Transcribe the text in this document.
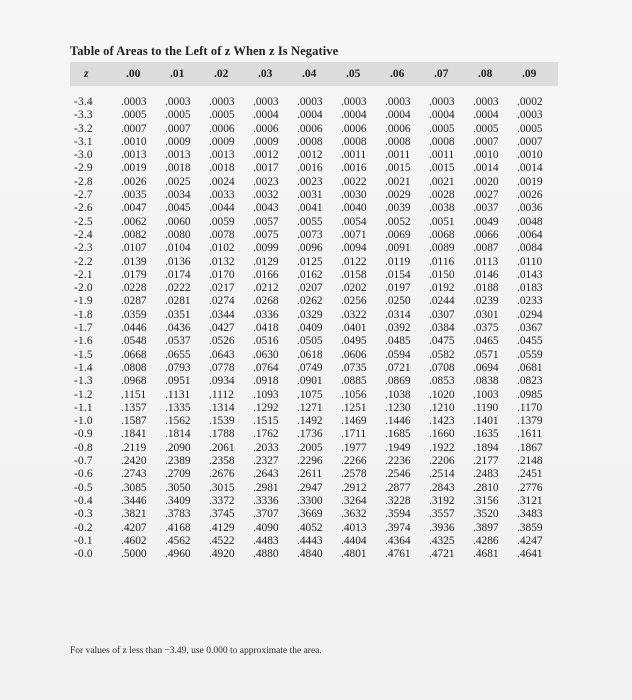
Table of Areas to the Left of z When z Is Negative
z	.00	.01	.02	.03	.04	.05	.06	.07	.08	.09
-3.4	.0003	.0003	.0003	.0003	.0003	.0003	.0003	.0003	.0003	.0002
-3.3	.0005	.0005	.0005	.0004	.0004	.0004	.0004	.0004	.0004	.0003
-3.2	.0007	.0007	.0006	.0006	.0006	.0006	.0006	.0005	.0005	.0005
-3.1	.0010	.0009	.0009	.0009	.0008	.0008	.0008	.0008	.0007	.0007
-3.0	.0013	.0013	.0013	.0012	.0012	.0011	.0011	.0011	.0010	.0010
-2.9	.0019	.0018	.0018	.0017	.0016	.0016	.0015	.0015	.0014	.0014
-2.8	.0026	.0025	.0024	.0023	.0023	.0022	.0021	.0021	.0020	.0019
-2.7	.0035	.0034	.0033	.0032	.0031	.0030	.0029	.0028	.0027	.0026
-2.6	.0047	.0045	.0044	.0043	.0041	.0040	.0039	.0038	.0037	.0036
-2.5	.0062	.0060	.0059	.0057	.0055	.0054	.0052	.0051	.0049	.0048
-2.4	.0082	.0080	.0078	.0075	.0073	.0071	.0069	.0068	.0066	.0064
-2.3	.0107	.0104	.0102	.0099	.0096	.0094	.0091	.0089	.0087	.0084
-2.2	.0139	.0136	.0132	.0129	.0125	.0122	.0119	.0116	.0113	.0110
-2.1	.0179	.0174	.0170	.0166	.0162	.0158	.0154	.0150	.0146	.0143
-2.0	.0228	.0222	.0217	.0212	.0207	.0202	.0197	.0192	.0188	.0183
-1.9	.0287	.0281	.0274	.0268	.0262	.0256	.0250	.0244	.0239	.0233
-1.8	.0359	.0351	.0344	.0336	.0329	.0322	.0314	.0307	.0301	.0294
-1.7	.0446	.0436	.0427	.0418	.0409	.0401	.0392	.0384	.0375	.0367
-1.6	.0548	.0537	.0526	.0516	.0505	.0495	.0485	.0475	.0465	.0455
-1.5	.0668	.0655	.0643	.0630	.0618	.0606	.0594	.0582	.0571	.0559
-1.4	.0808	.0793	.0778	.0764	.0749	.0735	.0721	.0708	.0694	.0681
-1.3	.0968	.0951	.0934	.0918	.0901	.0885	.0869	.0853	.0838	.0823
-1.2	.1151	.1131	.1112	.1093	.1075	.1056	.1038	.1020	.1003	.0985
-1.1	.1357	.1335	.1314	.1292	.1271	.1251	.1230	.1210	.1190	.1170
-1.0	.1587	.1562	.1539	.1515	.1492	.1469	.1446	.1423	.1401	.1379
-0.9	.1841	.1814	.1788	.1762	.1736	.1711	.1685	.1660	.1635	.1611
-0.8	.2119	.2090	.2061	.2033	.2005	.1977	.1949	.1922	.1894	.1867
-0.7	.2420	.2389	.2358	.2327	.2296	.2266	.2236	.2206	.2177	.2148
-0.6	.2743	.2709	.2676	.2643	.2611	.2578	.2546	.2514	.2483	.2451
-0.5	.3085	.3050	.3015	.2981	.2947	.2912	.2877	.2843	.2810	.2776
-0.4	.3446	.3409	.3372	.3336	.3300	.3264	.3228	.3192	.3156	.3121
-0.3	.3821	.3783	.3745	.3707	.3669	.3632	.3594	.3557	.3520	.3483
-0.2	.4207	.4168	.4129	.4090	.4052	.4013	.3974	.3936	.3897	.3859
-0.1	.4602	.4562	.4522	.4483	.4443	.4404	.4364	.4325	.4286	.4247
-0.0	.5000	.4960	.4920	.4880	.4840	.4801	.4761	.4721	.4681	.4641
For values of z less than −3.49, use 0.000 to approximate the area.
